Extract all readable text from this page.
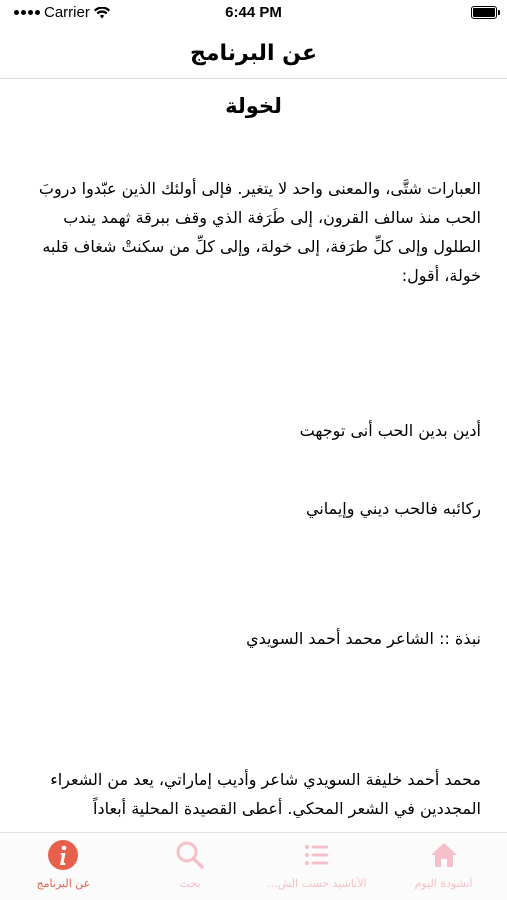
Carrier	6:44 PM
عن البرنامج
لخولة

العبارات شتَّى، والمعنى واحد لا يتغير. فإلى أولئك الذين عبّدوا دروبَ الحب منذ سالف القرون، إلى طَرَفة الذي وقف ببرقة ثهمد يندب الطلول وإلى كلِّ طرَفة، إلى خولة، وإلى كلِّ من سكنتْ شغاف قلبه خولة، أقول:

أدين بدين الحب أنى توجهت

ركائبه فالحب ديني وإيماني

نبذة :: الشاعر محمد أحمد السويدي

محمد أحمد خليفة السويدي شاعر وأديب إماراتي، يعد من الشعراء المجددين في الشعر المحكي. أعطى القصيدة المحلية أبعاداً

عن البرنامج	بحث	الأناشيد حسب الش...	أنشودة اليوم
